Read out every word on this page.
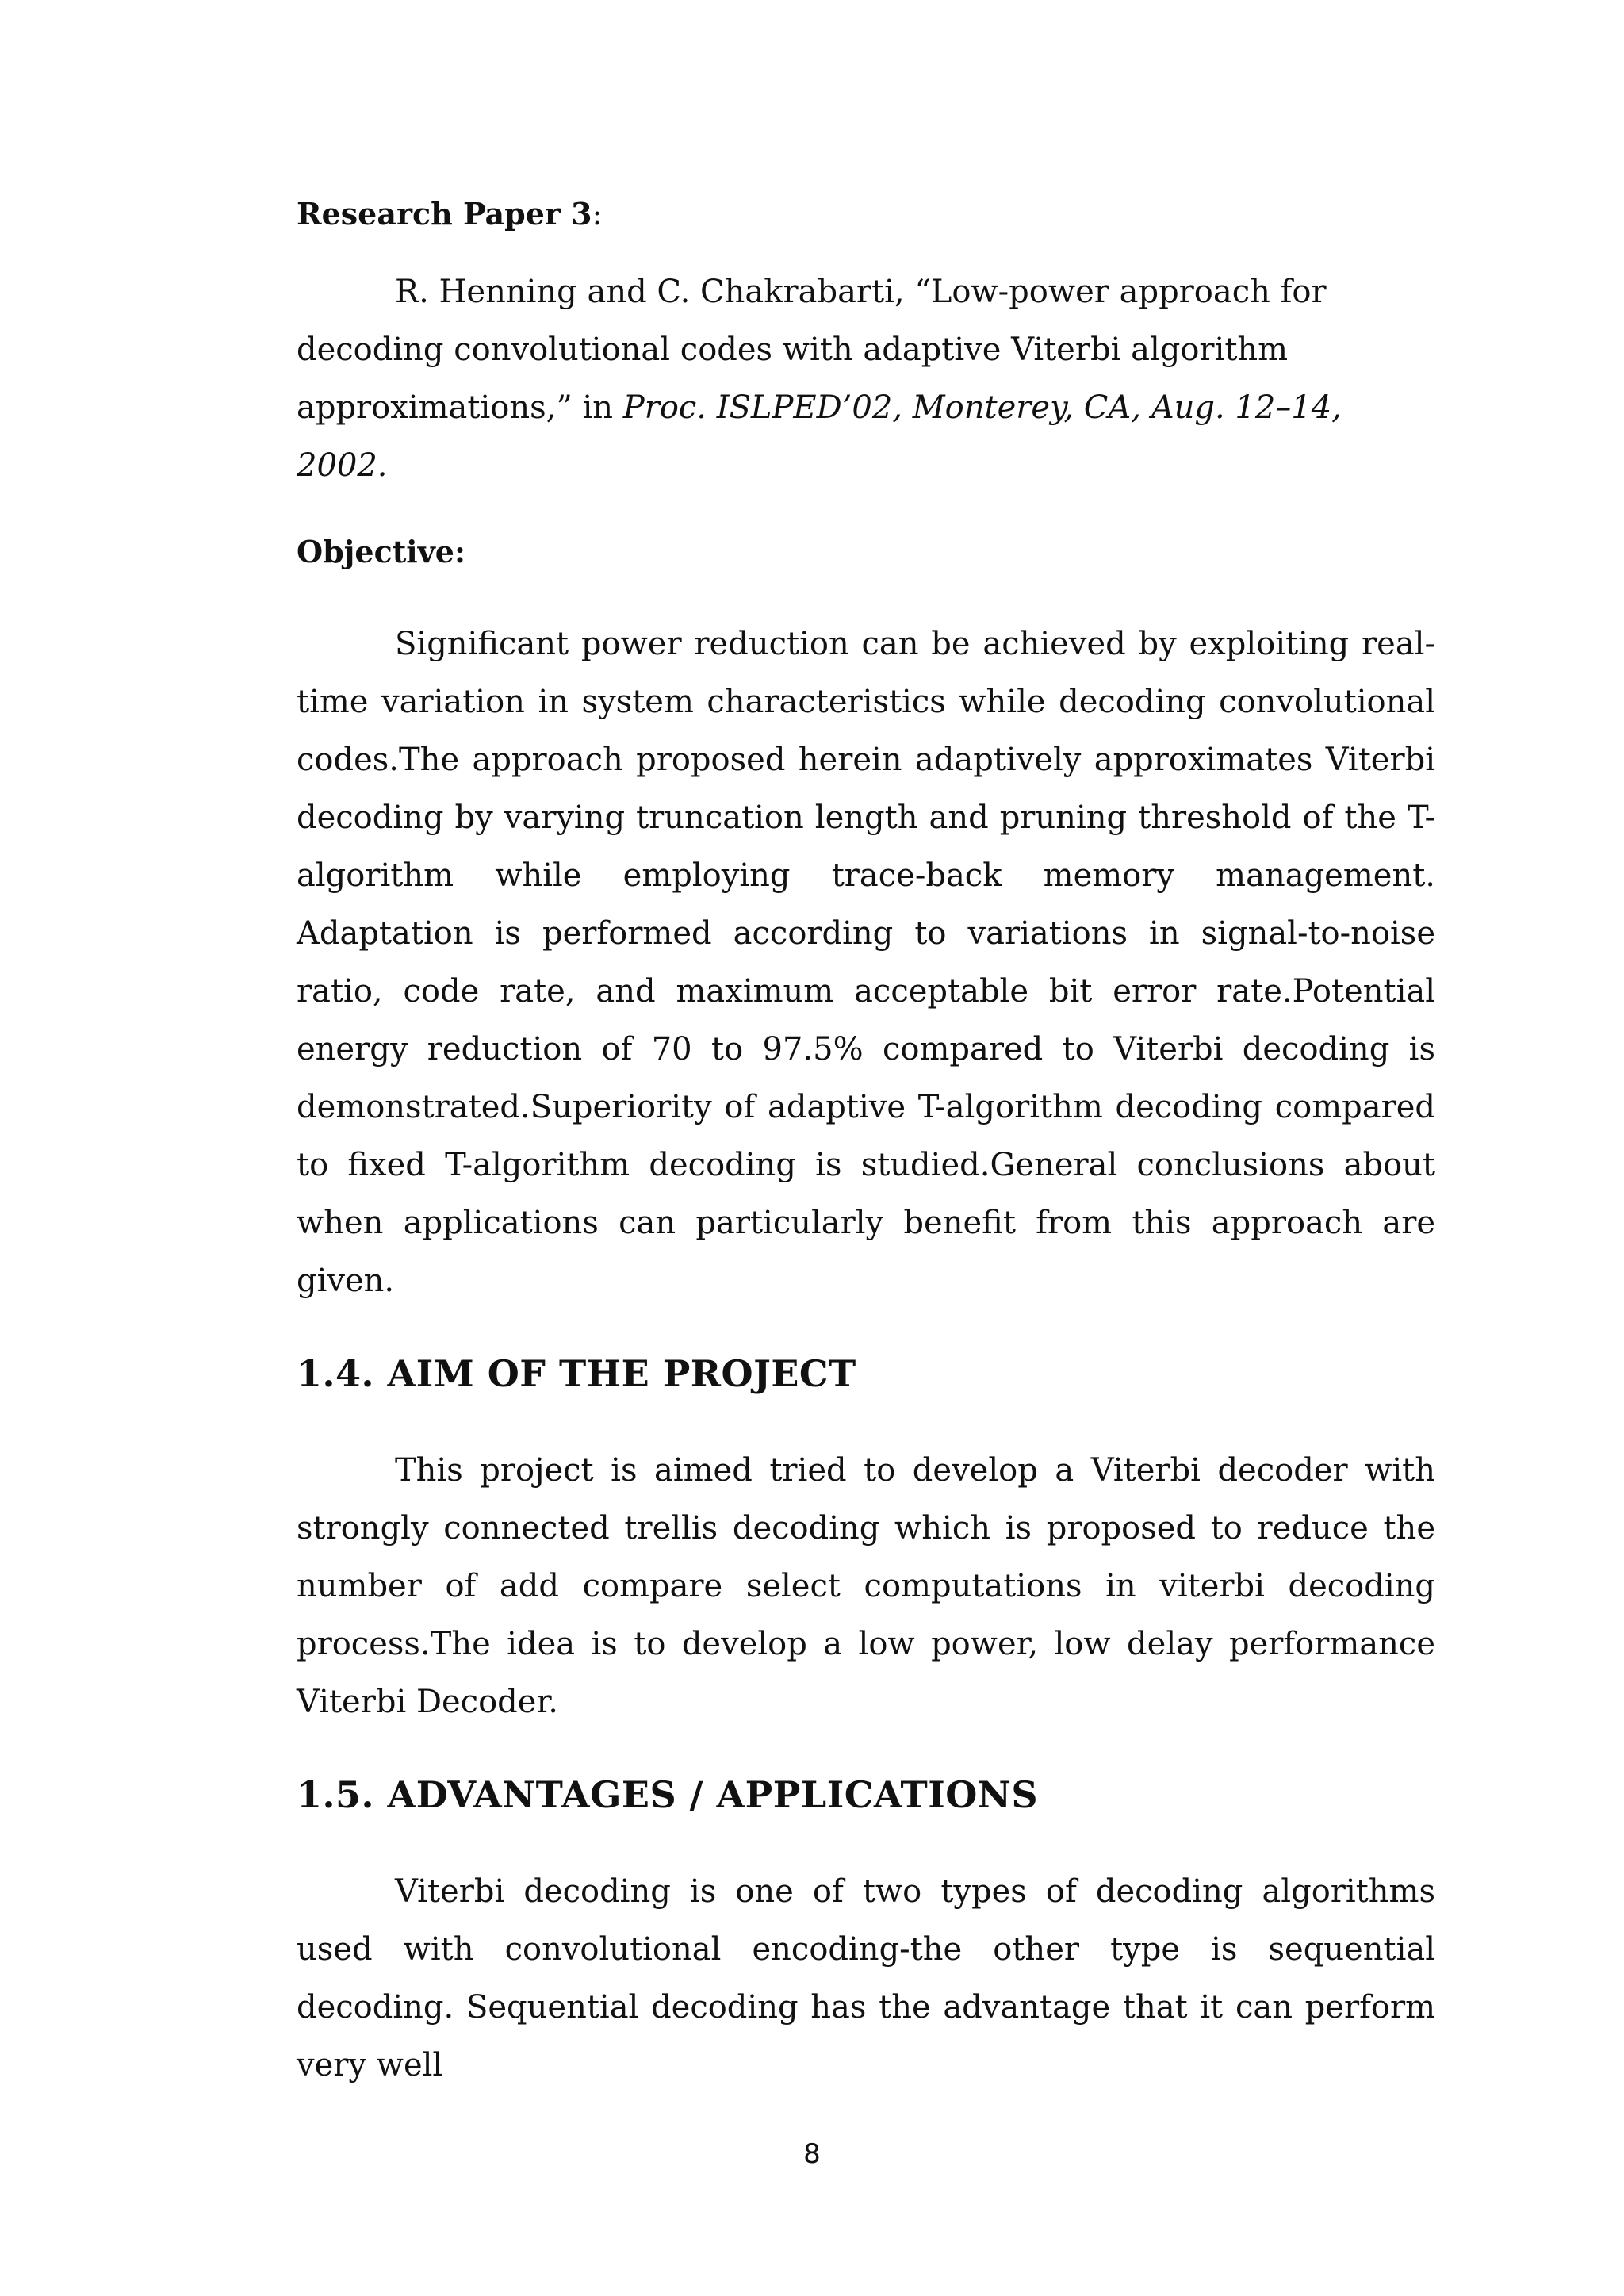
Research Paper 3:

R. Henning and C. Chakrabarti, “Low-power approach for decoding convolutional codes with adaptive Viterbi algorithm approximations,” in Proc. ISLPED’02, Monterey, CA, Aug. 12–14, 2002.

Objective:

Significant power reduction can be achieved by exploiting real-time variation in system characteristics while decoding convolutional codes.The approach proposed herein adaptively approximates Viterbi decoding by varying truncation length and pruning threshold of the T-algorithm while employing trace-back memory management. Adaptation is performed according to variations in signal-to-noise ratio, code rate, and maximum acceptable bit error rate.Potential energy reduction of 70 to 97.5% compared to Viterbi decoding is demonstrated.Superiority of adaptive T-algorithm decoding compared to fixed T-algorithm decoding is studied.General conclusions about when applications can particularly benefit from this approach are given.

1.4. AIM OF THE PROJECT

This project is aimed tried to develop a Viterbi decoder with strongly connected trellis decoding which is proposed to reduce the number of add compare select computations in viterbi decoding process.The idea is to develop a low power, low delay performance Viterbi Decoder.

1.5. ADVANTAGES / APPLICATIONS

Viterbi decoding is one of two types of decoding algorithms used with convolutional encoding-the other type is sequential decoding. Sequential decoding has the advantage that it can perform very well

8
